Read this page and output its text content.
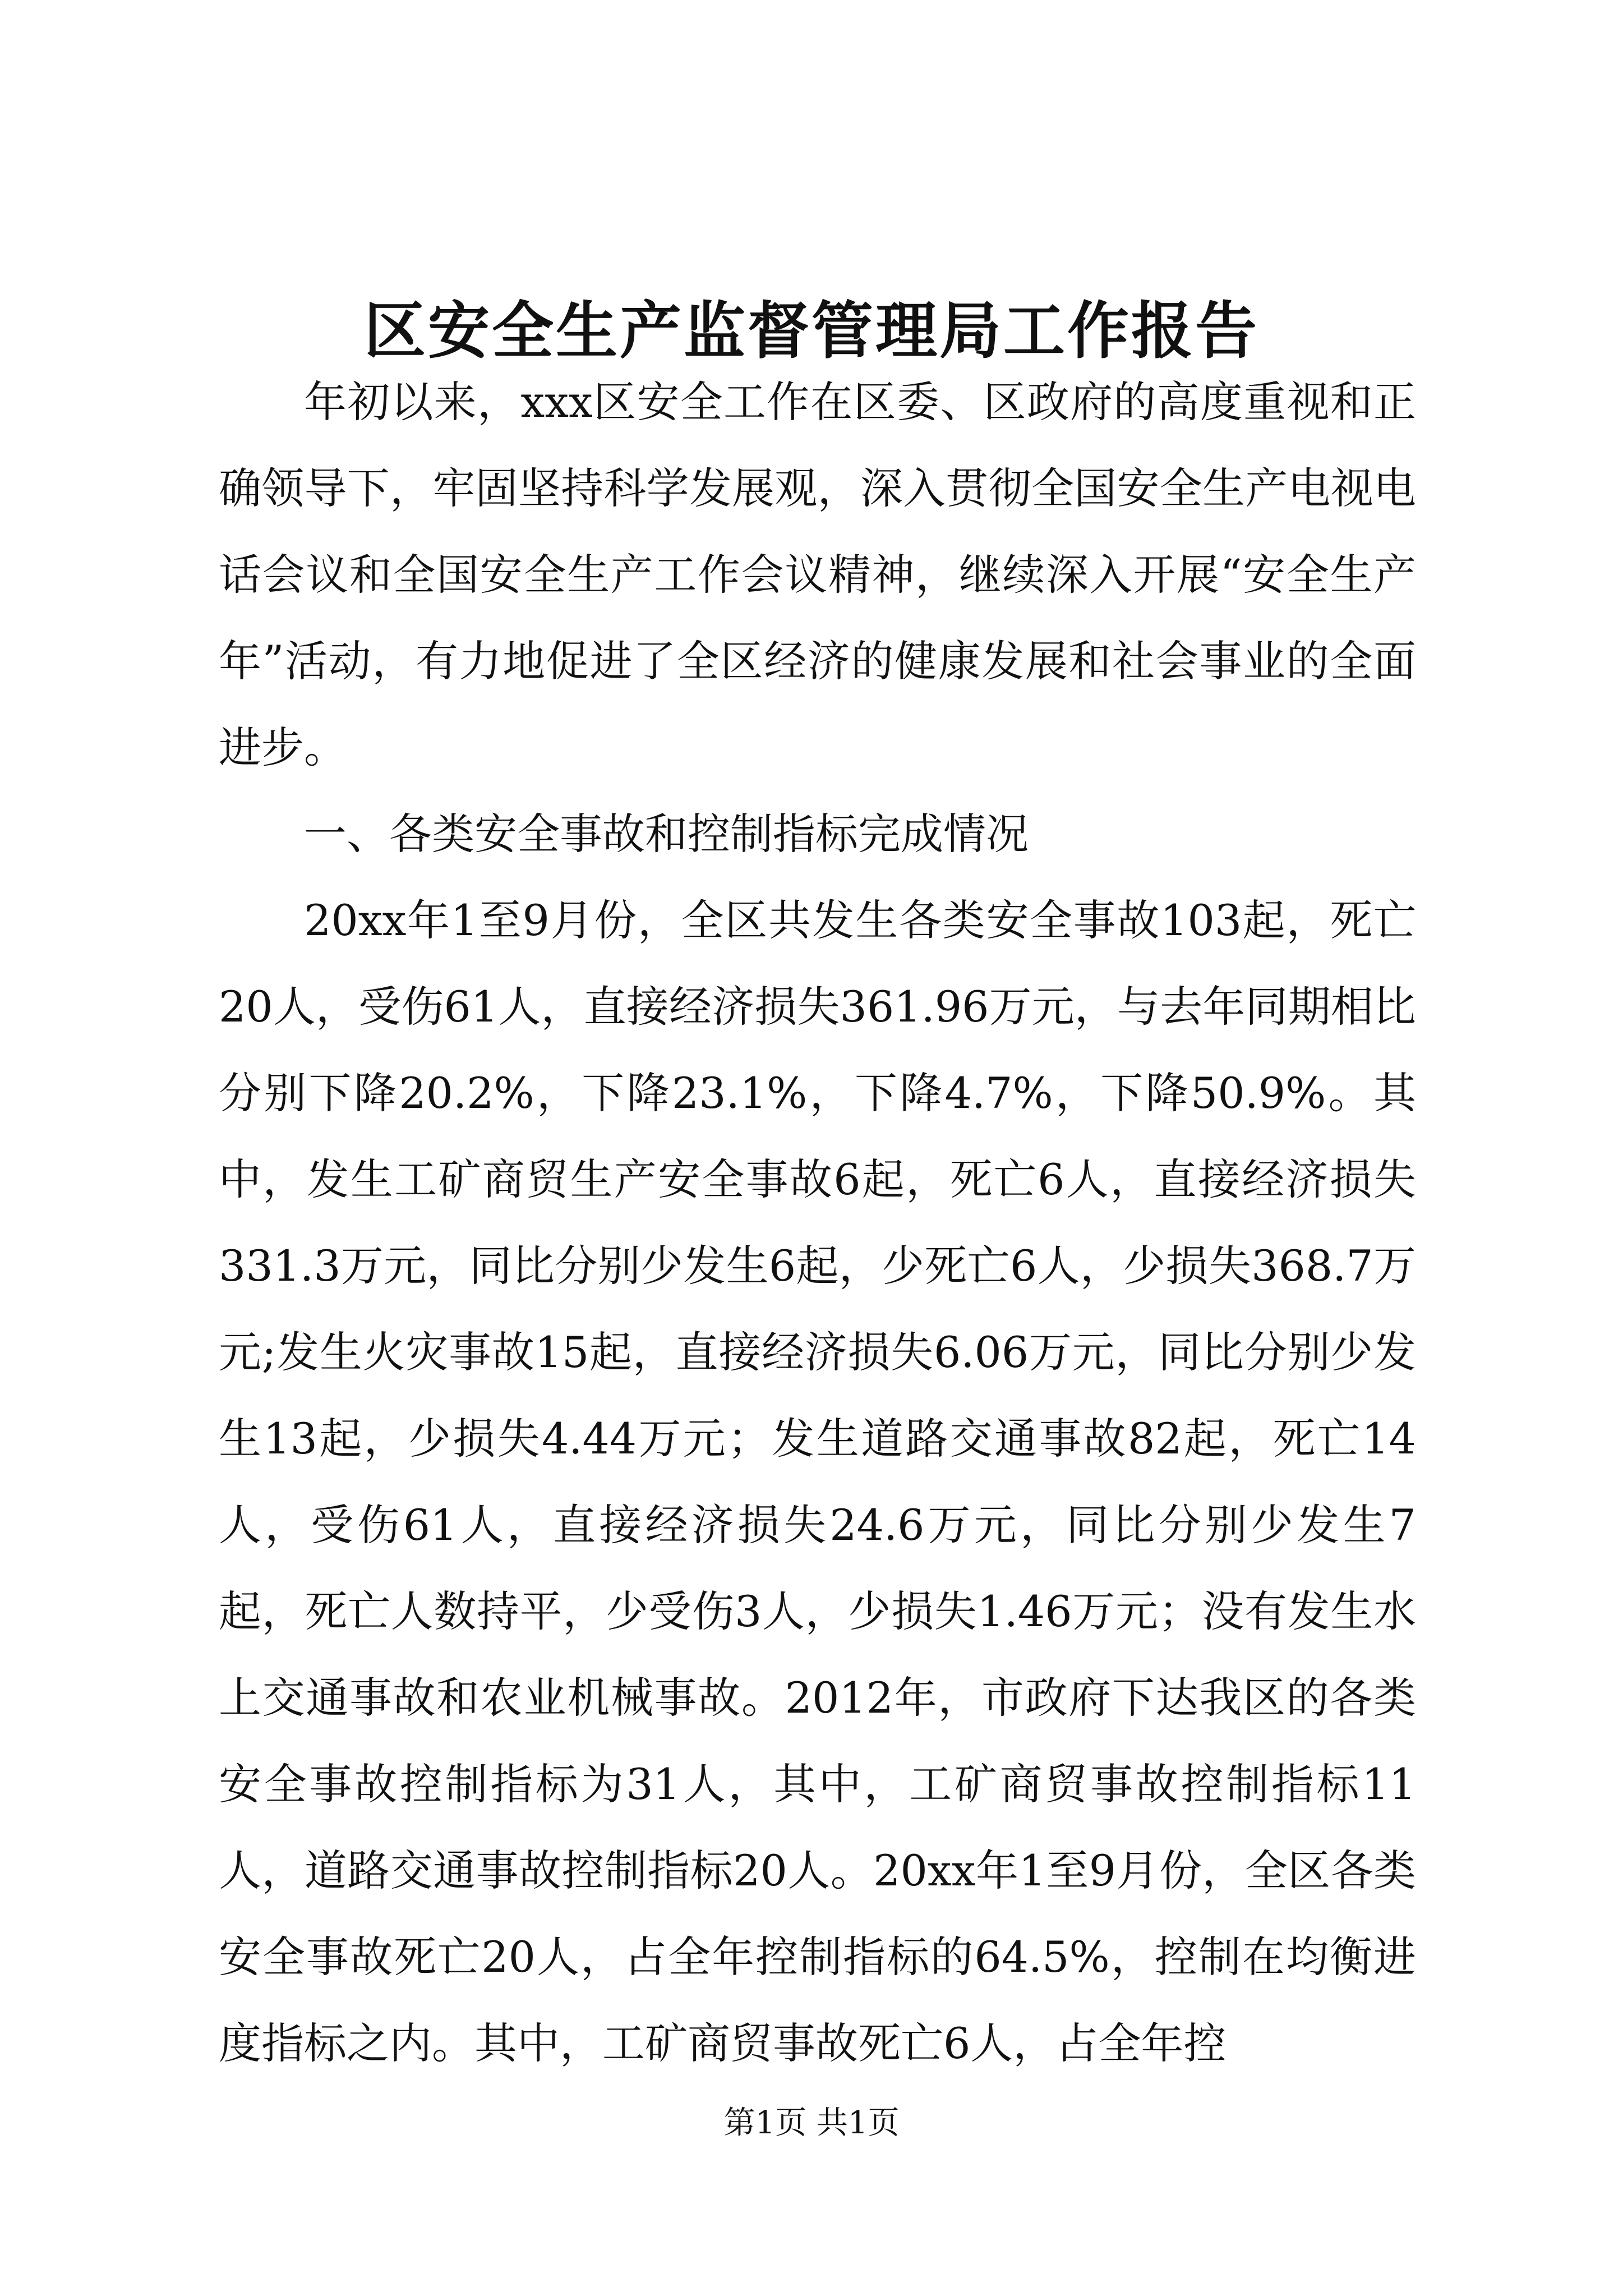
区安全生产监督管理局工作报告

年初以来，xxx区安全工作在区委、区政府的高度重视和正确领导下，牢固坚持科学发展观，深入贯彻全国安全生产电视电话会议和全国安全生产工作会议精神，继续深入开展“安全生产年”活动，有力地促进了全区经济的健康发展和社会事业的全面进步。

一、各类安全事故和控制指标完成情况

20xx年1至9月份，全区共发生各类安全事故103起，死亡20人，受伤61人，直接经济损失361.96万元，与去年同期相比分别下降20.2%，下降23.1%，下降4.7%，下降50.9%。其中，发生工矿商贸生产安全事故6起，死亡6人，直接经济损失331.3万元，同比分别少发生6起，少死亡6人，少损失368.7万元;发生火灾事故15起，直接经济损失6.06万元，同比分别少发生13起，少损失4.44万元；发生道路交通事故82起，死亡14人，受伤61人，直接经济损失24.6万元，同比分别少发生7起，死亡人数持平，少受伤3人，少损失1.46万元；没有发生水上交通事故和农业机械事故。2012年，市政府下达我区的各类安全事故控制指标为31人，其中，工矿商贸事故控制指标11人，道路交通事故控制指标20人。20xx年1至9月份，全区各类安全事故死亡20人，占全年控制指标的64.5%，控制在均衡进度指标之内。其中，工矿商贸事故死亡6人，占全年控

第1页 共1页
